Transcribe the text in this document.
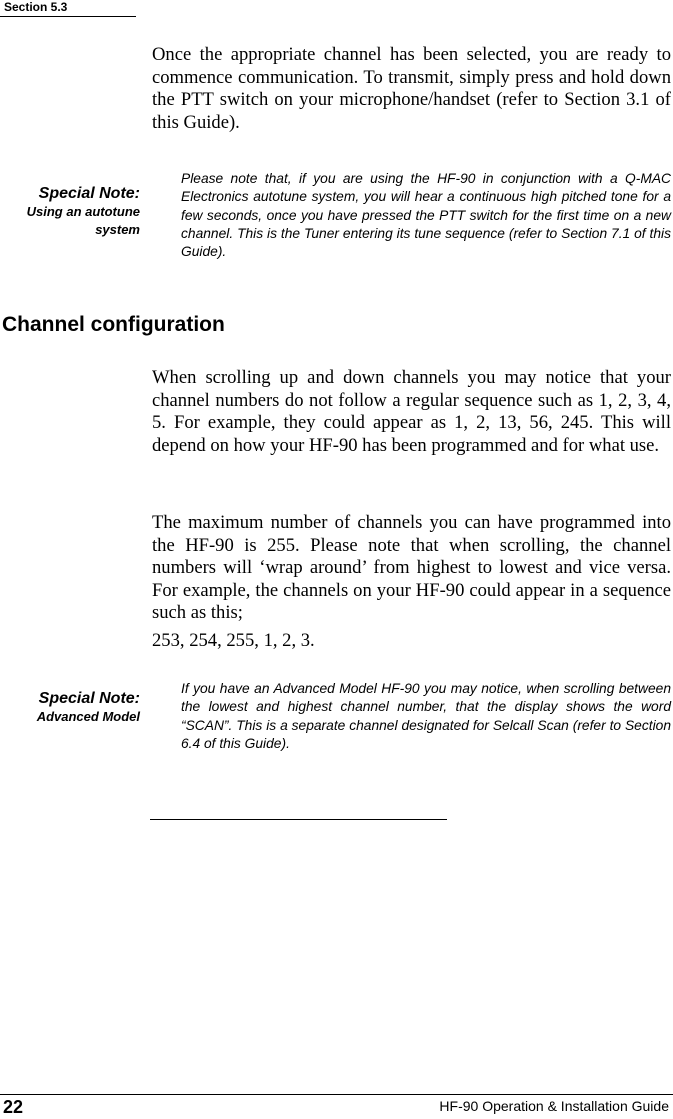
Section 5.3

Once the appropriate channel has been selected, you are ready to commence communication. To transmit, simply press and hold down the PTT switch on your microphone/handset (refer to Section 3.1 of this Guide).

Special Note:
Using an autotune
system

Please note that, if you are using the HF-90 in conjunction with a Q-MAC Electronics autotune system, you will hear a continuous high pitched tone for a few seconds, once you have pressed the PTT switch for the first time on a new channel. This is the Tuner entering its tune sequence (refer to Section 7.1 of this Guide).

Channel configuration

When scrolling up and down channels you may notice that your channel numbers do not follow a regular sequence such as 1, 2, 3, 4, 5. For example, they could appear as 1, 2, 13, 56, 245. This will depend on how your HF-90 has been programmed and for what use.

The maximum number of channels you can have programmed into the HF-90 is 255. Please note that when scrolling, the channel numbers will ‘wrap around’ from highest to lowest and vice versa. For example, the channels on your HF-90 could appear in a sequence such as this;

253, 254, 255, 1, 2, 3.

Special Note:
Advanced Model

If you have an Advanced Model HF-90 you may notice, when scrolling between the lowest and highest channel number, that the display shows the word “SCAN”. This is a separate channel designated for Selcall Scan (refer to Section 6.4 of this Guide).

22	HF-90 Operation & Installation Guide
